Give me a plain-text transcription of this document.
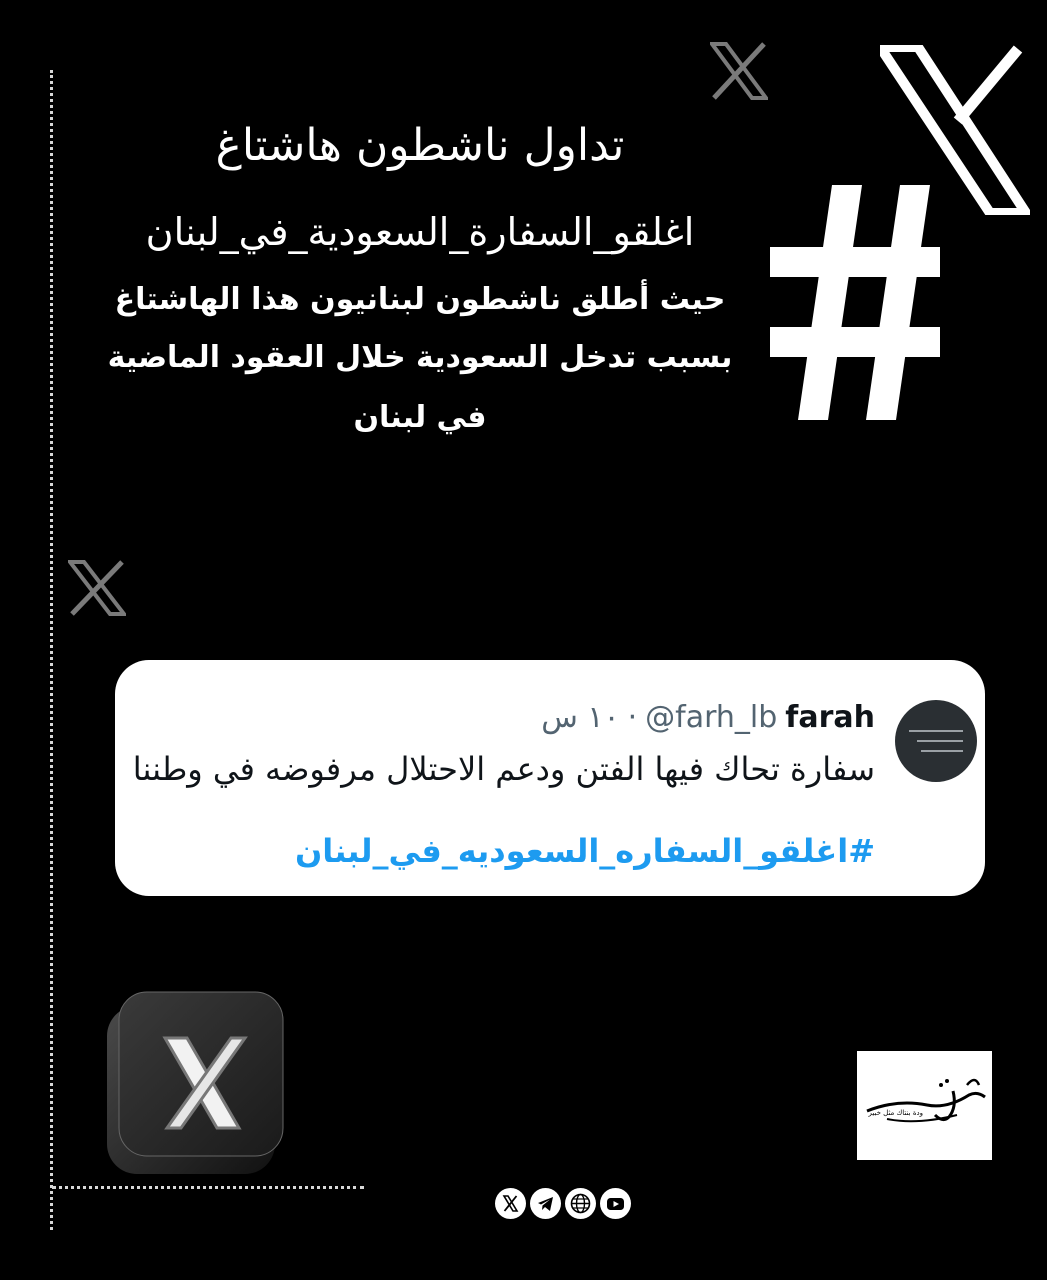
تداول ناشطون هاشتاغ
اغلقو_السفارة_السعودية_في_لبنان
حيث أطلق ناشطون لبنانيون هذا الهاشتاغ
بسبب تدخل السعودية خلال العقود الماضية
في لبنان
farah
@farh_lb
·
١٠ س
سفارة تحاك فيها الفتن ودعم الاحتلال مرفوضه في وطننا
#اغلقو_السفاره_السعوديه_في_لبنان
ودة بنتاك مثل خبير
